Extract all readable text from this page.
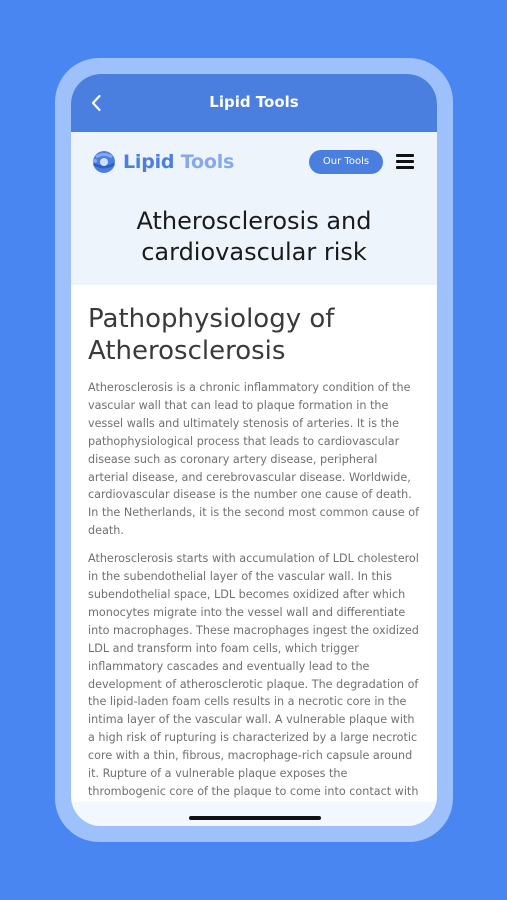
Lipid Tools
Lipid Tools	Our Tools
Atherosclerosis and cardiovascular risk
Pathophysiology of Atherosclerosis

Atherosclerosis is a chronic inflammatory condition of the vascular wall that can lead to plaque formation in the vessel walls and ultimately stenosis of arteries. It is the pathophysiological process that leads to cardiovascular disease such as coronary artery disease, peripheral arterial disease, and cerebrovascular disease. Worldwide, cardiovascular disease is the number one cause of death. In the Netherlands, it is the second most common cause of death.

Atherosclerosis starts with accumulation of LDL cholesterol in the subendothelial layer of the vascular wall. In this subendothelial space, LDL becomes oxidized after which monocytes migrate into the vessel wall and differentiate into macrophages. These macrophages ingest the oxidized LDL and transform into foam cells, which trigger inflammatory cascades and eventually lead to the development of atherosclerotic plaque. The degradation of the lipid-laden foam cells results in a necrotic core in the intima layer of the vascular wall. A vulnerable plaque with a high risk of rupturing is characterized by a large necrotic core with a thin, fibrous, macrophage-rich capsule around it. Rupture of a vulnerable plaque exposes the thrombogenic core of the plaque to come into contact with
